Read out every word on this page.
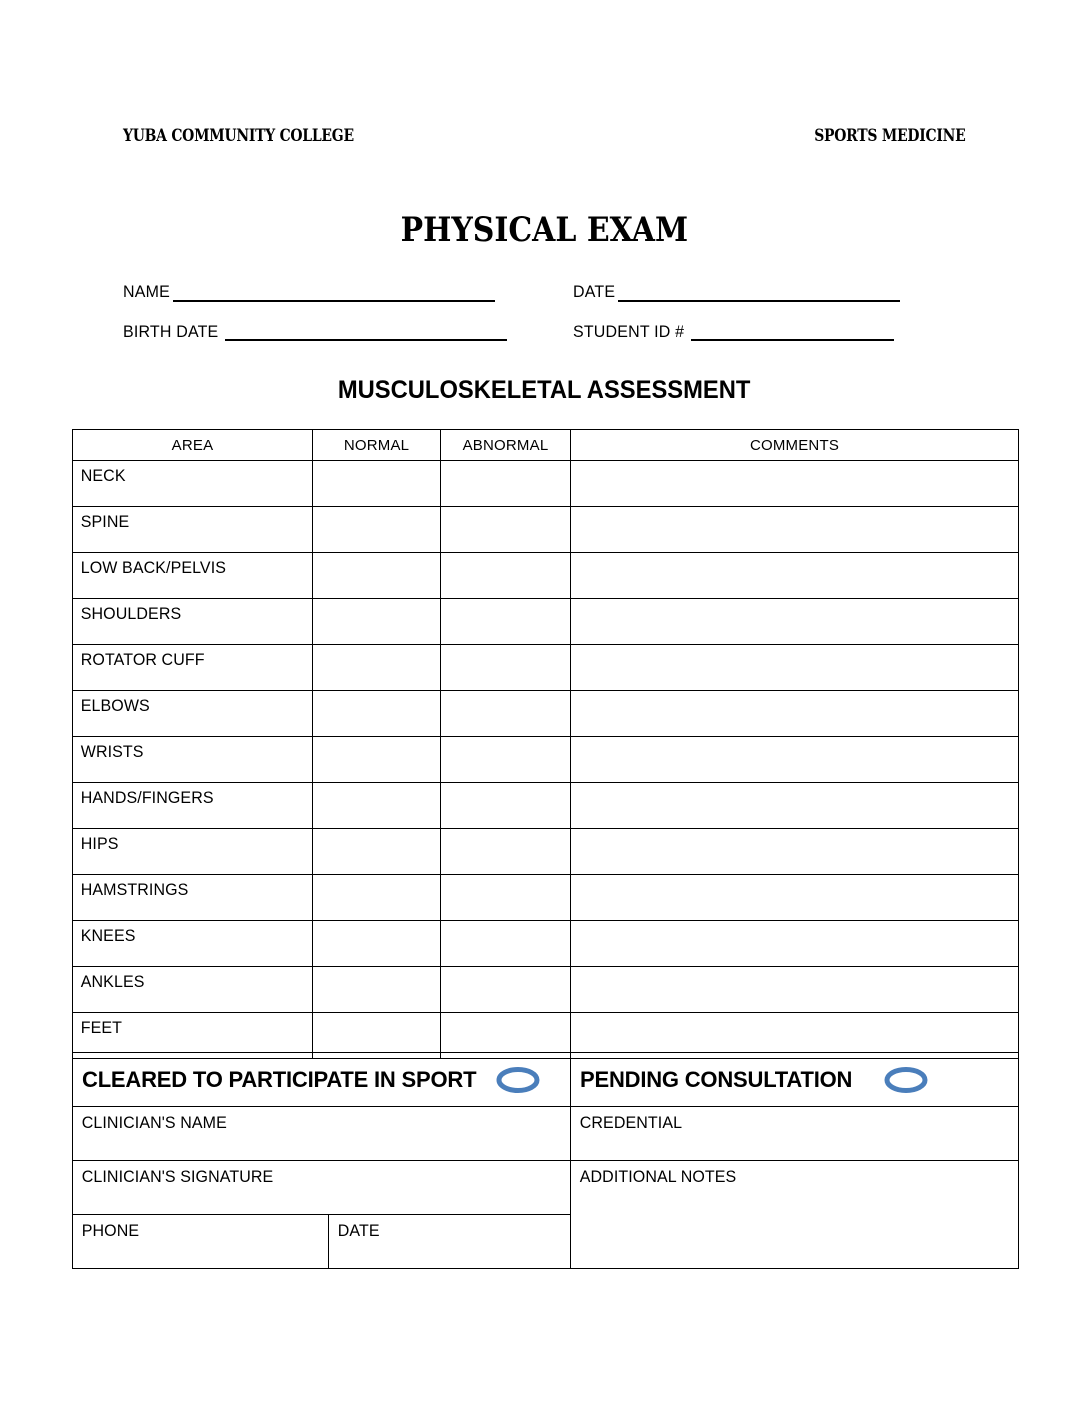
YUBA COMMUNITY COLLEGE	SPORTS MEDICINE
PHYSICAL EXAM
NAME	DATE
BIRTH DATE	STUDENT ID #
MUSCULOSKELETAL ASSESSMENT
AREA	NORMAL	ABNORMAL	COMMENTS

NECK			

SPINE			

LOW BACK/PELVIS			

SHOULDERS			

ROTATOR CUFF			

ELBOWS			

WRISTS			

HANDS/FINGERS			

HIPS			

HAMSTRINGS			

KNEES			

ANKLES			

FEET			

CLEARED TO PARTICIPATE IN SPORT		PENDING CONSULTATION

CLINICIAN'S NAME		CREDENTIAL

CLINICIAN'S SIGNATURE		ADDITIONAL NOTES

PHONE	DATE	
